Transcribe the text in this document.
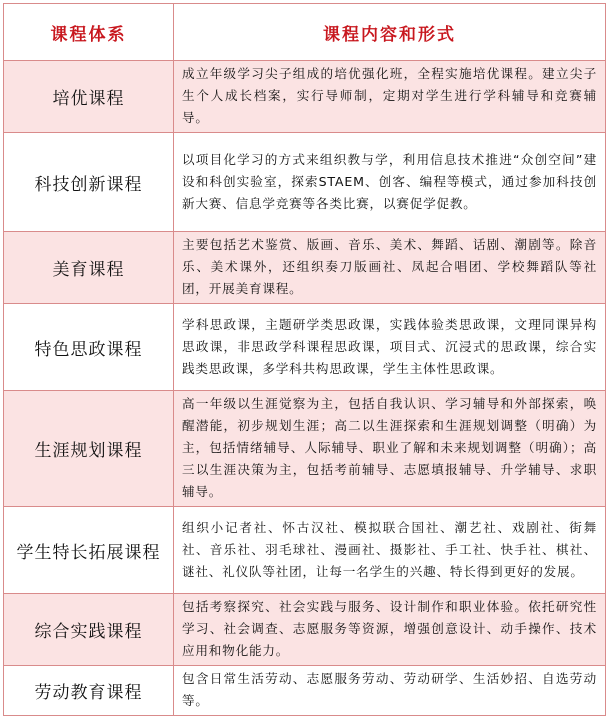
课程体系	课程内容和形式
培优课程	成立年级学习尖子组成的培优强化班，全程实施培优课程。建立尖子生个人成长档案，实行导师制，定期对学生进行学科辅导和竞赛辅导。
科技创新课程	以项目化学习的方式来组织教与学，利用信息技术推进“众创空间”建设和科创实验室，探索STAEM、创客、编程等模式，通过参加科技创新大赛、信息学竞赛等各类比赛，以赛促学促教。
美育课程	主要包括艺术鉴赏、版画、音乐、美术、舞蹈、话剧、潮剧等。除音乐、美术课外，还组织奏刀版画社、凤起合唱团、学校舞蹈队等社团，开展美育课程。
特色思政课程	学科思政课，主题研学类思政课，实践体验类思政课，文理同课异构思政课，非思政学科课程思政课，项目式、沉浸式的思政课，综合实践类思政课，多学科共构思政课，学生主体性思政课。
生涯规划课程	高一年级以生涯觉察为主，包括自我认识、学习辅导和外部探索，唤醒潜能，初步规划生涯；高二以生涯探索和生涯规划调整（明确）为主，包括情绪辅导、人际辅导、职业了解和未来规划调整（明确）；高三以生涯决策为主，包括考前辅导、志愿填报辅导、升学辅导、求职辅导。
学生特长拓展课程	组织小记者社、怀古汉社、模拟联合国社、潮艺社、戏剧社、街舞社、音乐社、羽毛球社、漫画社、摄影社、手工社、快手社、棋社、谜社、礼仪队等社团，让每一名学生的兴趣、特长得到更好的发展。
综合实践课程	包括考察探究、社会实践与服务、设计制作和职业体验。依托研究性学习、社会调查、志愿服务等资源，增强创意设计、动手操作、技术应用和物化能力。
劳动教育课程	包含日常生活劳动、志愿服务劳动、劳动研学、生活妙招、自选劳动等。
